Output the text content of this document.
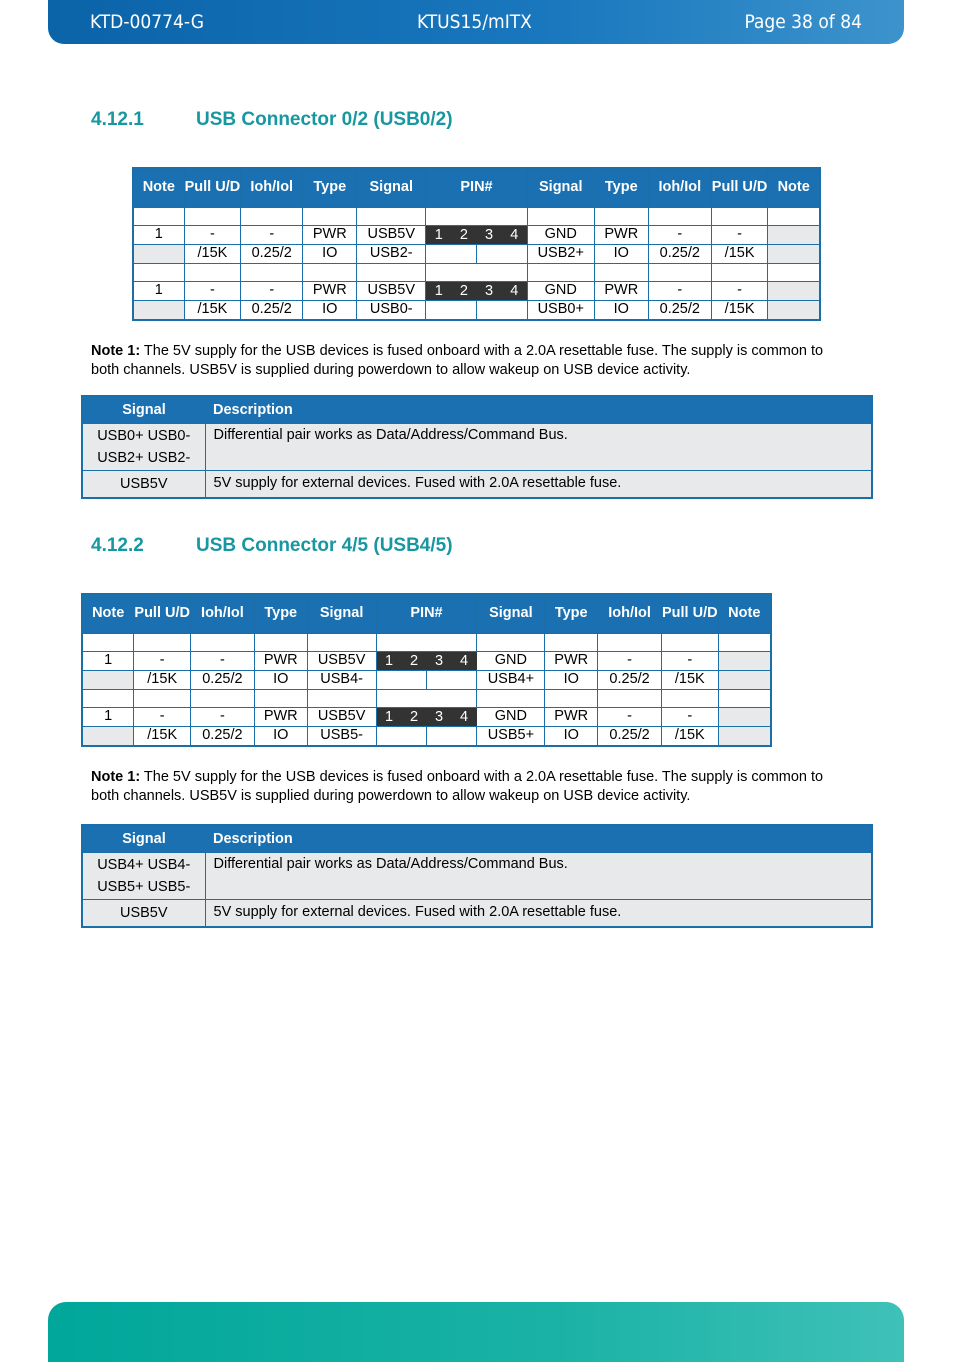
KTD-00774-G	KTUS15/mITX	Page 38 of 84
4.12.1	USB Connector 0/2 (USB0/2)
Note	Pull U/D	Ioh/Iol	Type	Signal	PIN#	Signal	Type	Ioh/Iol	Pull U/D	Note

1	-	-	PWR	USB5V	1 2 3 4	GND	PWR	-	-	
	/15K	0.25/2	IO	USB2-		USB2+	IO	0.25/2	/15K	

1	-	-	PWR	USB5V	1 2 3 4	GND	PWR	-	-	
	/15K	0.25/2	IO	USB0-		USB0+	IO	0.25/2	/15K	
Note 1: The 5V supply for the USB devices is fused onboard with a 2.0A resettable fuse. The supply is common to both channels. USB5V is supplied during powerdown to allow wakeup on USB device activity.
Signal	Description
USB0+ USB0- USB2+ USB2-	Differential pair works as Data/Address/Command Bus.
USB5V	5V supply for external devices. Fused with 2.0A resettable fuse.
4.12.2	USB Connector 4/5 (USB4/5)
Note	Pull U/D	Ioh/Iol	Type	Signal	PIN#	Signal	Type	Ioh/Iol	Pull U/D	Note

1	-	-	PWR	USB5V	1 2 3 4	GND	PWR	-	-	
	/15K	0.25/2	IO	USB4-		USB4+	IO	0.25/2	/15K	

1	-	-	PWR	USB5V	1 2 3 4	GND	PWR	-	-	
	/15K	0.25/2	IO	USB5-		USB5+	IO	0.25/2	/15K	
Note 1: The 5V supply for the USB devices is fused onboard with a 2.0A resettable fuse. The supply is common to both channels. USB5V is supplied during powerdown to allow wakeup on USB device activity.
Signal	Description
USB4+ USB4- USB5+ USB5-	Differential pair works as Data/Address/Command Bus.
USB5V	5V supply for external devices. Fused with 2.0A resettable fuse.
